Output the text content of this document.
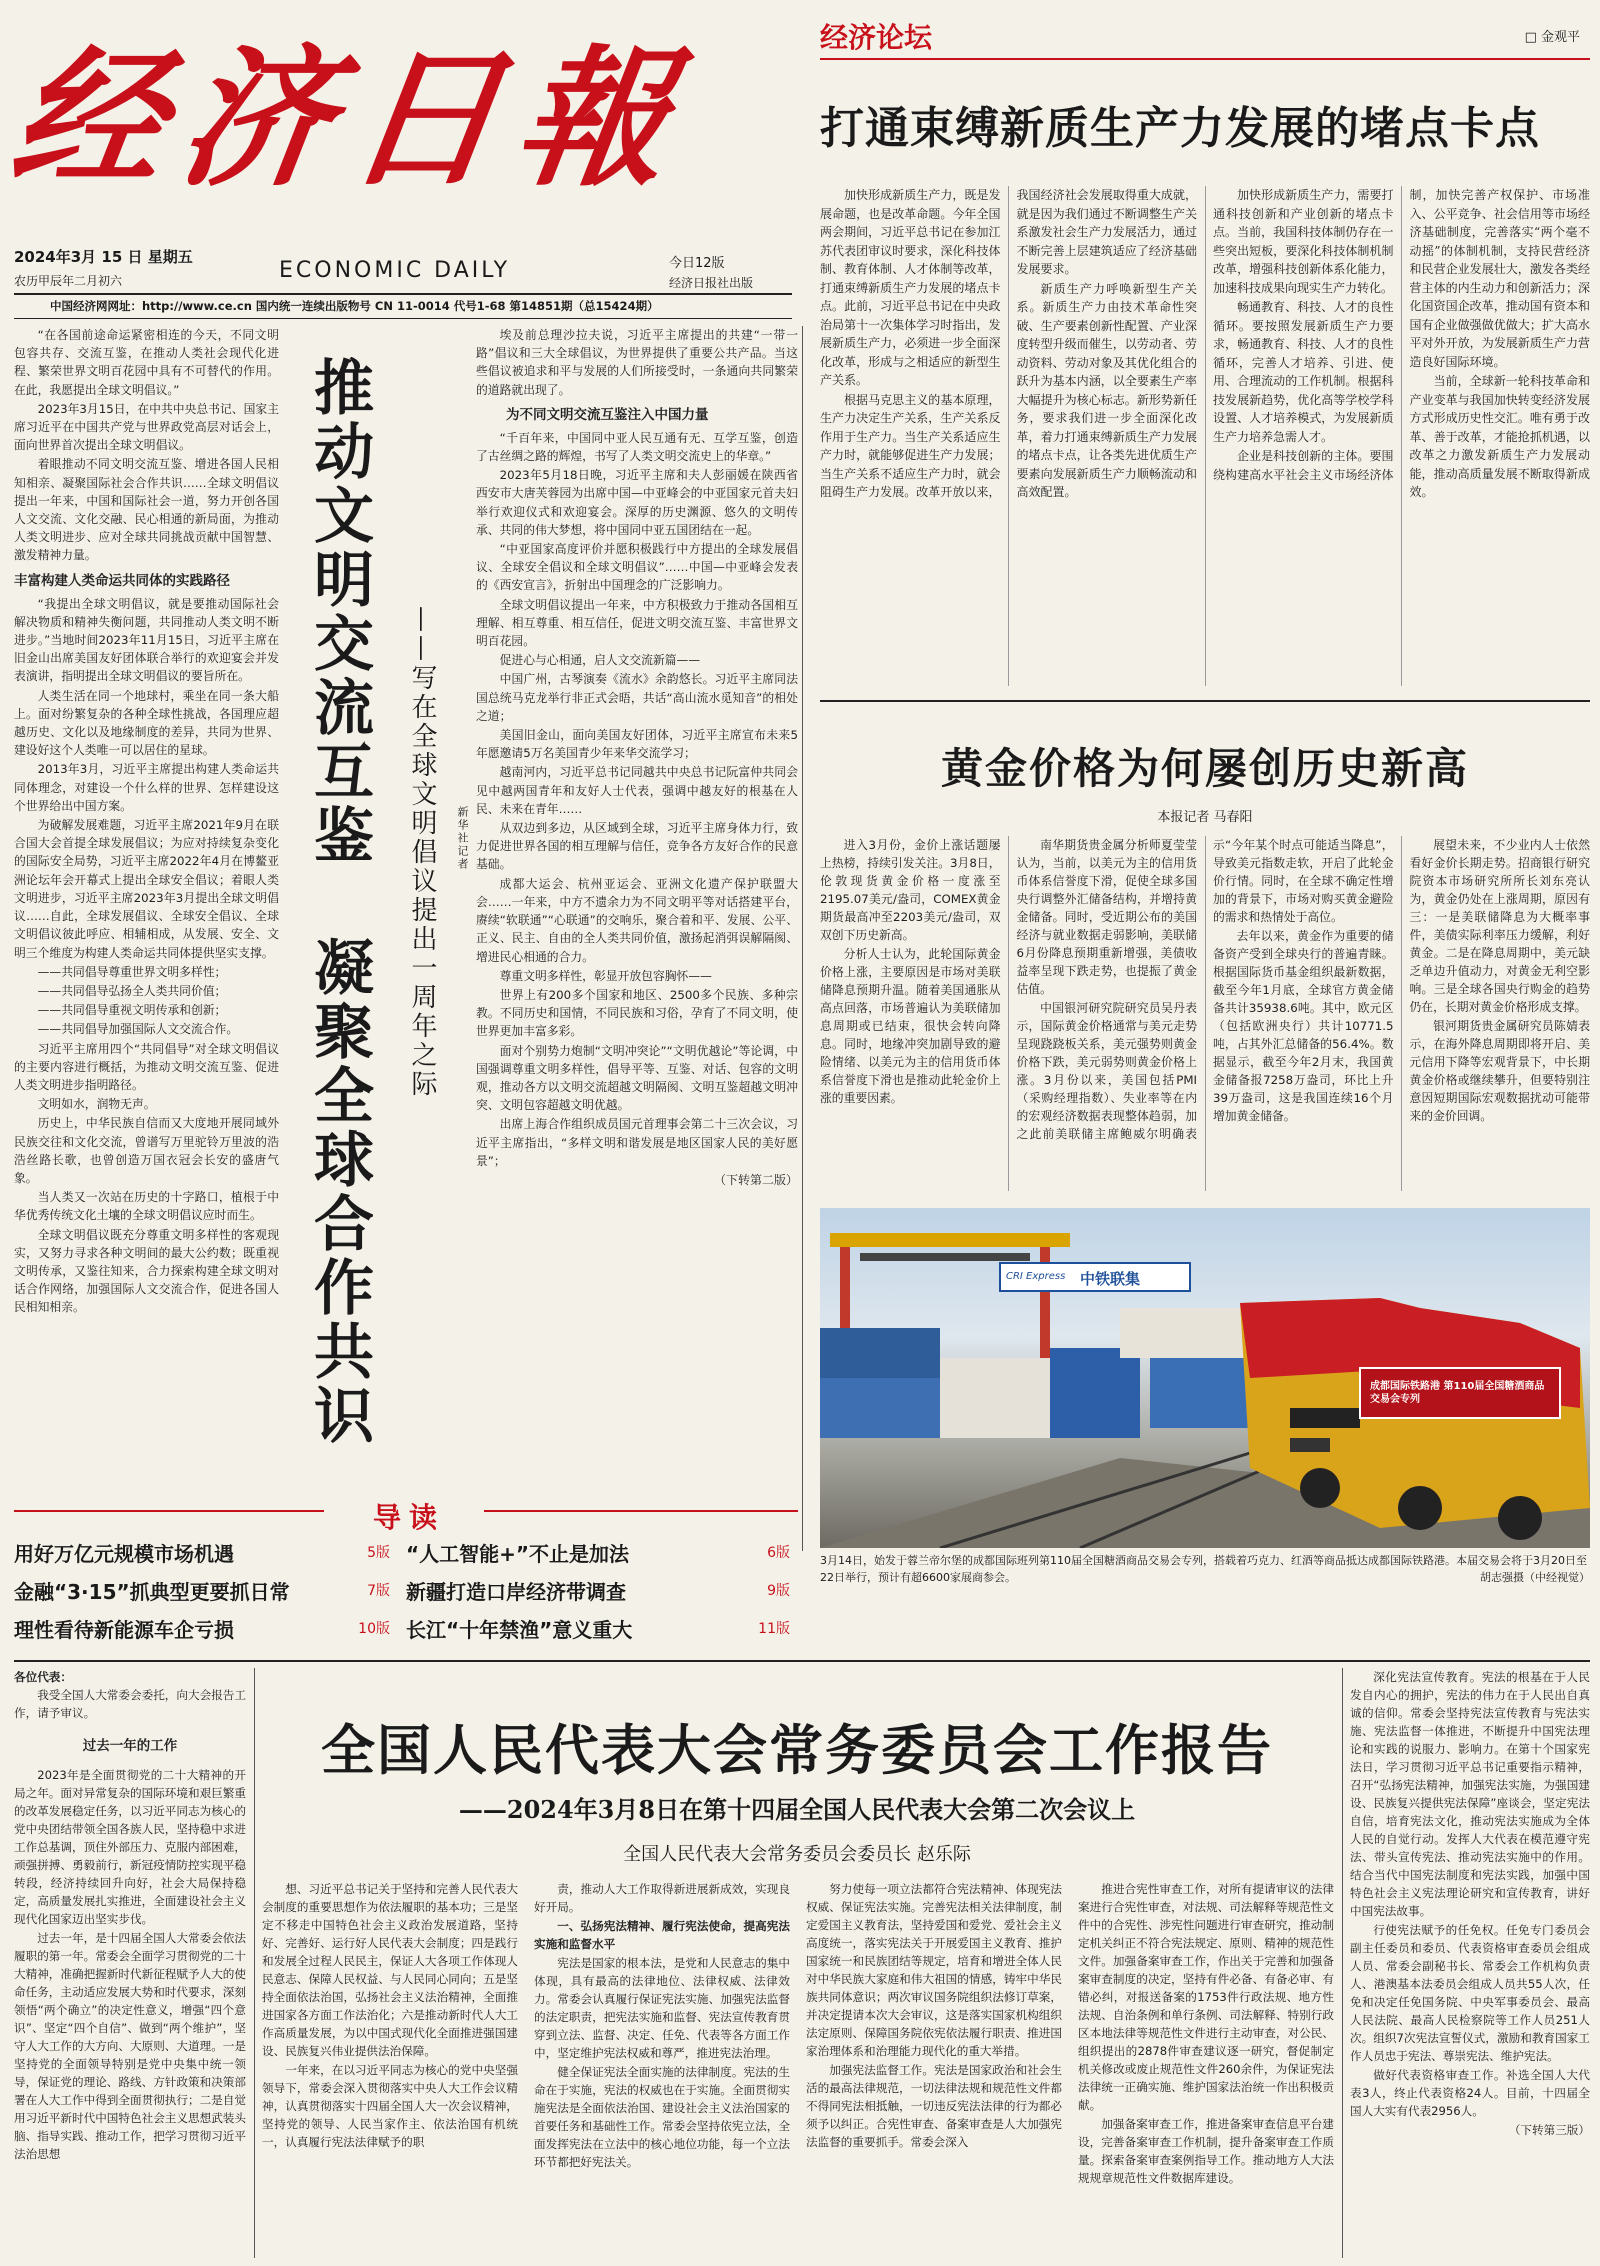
经济日報
2024年3月 15 日 星期五
农历甲辰年二月初六	ECONOMIC DAILY	今日12版
经济日报社出版
中国经济网网址：http://www.ce.cn 国内统一连续出版物号 CN 11-0014 代号1-68 第14851期（总15424期）
经济论坛	□ 金观平
打通束缚新质生产力发展的堵点卡点

加快形成新质生产力，既是发展命题，也是改革命题。今年全国两会期间，习近平总书记在参加江苏代表团审议时要求，深化科技体制、教育体制、人才体制等改革，打通束缚新质生产力发展的堵点卡点。此前，习近平总书记在中央政治局第十一次集体学习时指出，发展新质生产力，必须进一步全面深化改革，形成与之相适应的新型生产关系。

根据马克思主义的基本原理，生产力决定生产关系，生产关系反作用于生产力。当生产关系适应生产力时，就能够促进生产力发展；当生产关系不适应生产力时，就会阻碍生产力发展。改革开放以来，我国经济社会发展取得重大成就，就是因为我们通过不断调整生产关系激发社会生产力发展活力，通过不断完善上层建筑适应了经济基础发展要求。

新质生产力呼唤新型生产关系。新质生产力由技术革命性突破、生产要素创新性配置、产业深度转型升级而催生，以劳动者、劳动资料、劳动对象及其优化组合的跃升为基本内涵，以全要素生产率大幅提升为核心标志。新形势新任务，要求我们进一步全面深化改革，着力打通束缚新质生产力发展的堵点卡点，让各类先进优质生产要素向发展新质生产力顺畅流动和高效配置。

加快形成新质生产力，需要打通科技创新和产业创新的堵点卡点。当前，我国科技体制仍存在一些突出短板，要深化科技体制机制改革，增强科技创新体系化能力，加速科技成果向现实生产力转化。

畅通教育、科技、人才的良性循环。要按照发展新质生产力要求，畅通教育、科技、人才的良性循环，完善人才培养、引进、使用、合理流动的工作机制。根据科技发展新趋势，优化高等学校学科设置、人才培养模式，为发展新质生产力培养急需人才。

企业是科技创新的主体。要围绕构建高水平社会主义市场经济体制，加快完善产权保护、市场准入、公平竞争、社会信用等市场经济基础制度，完善落实“两个毫不动摇”的体制机制，支持民营经济和民营企业发展壮大，激发各类经营主体的内生动力和创新活力；深化国资国企改革，推动国有资本和国有企业做强做优做大；扩大高水平对外开放，为发展新质生产力营造良好国际环境。

当前，全球新一轮科技革命和产业变革与我国加快转变经济发展方式形成历史性交汇。唯有勇于改革、善于改革，才能抢抓机遇，以改革之力激发新质生产力发展动能，推动高质量发展不断取得新成效。

黄金价格为何屡创历史新高
本报记者 马春阳

进入3月份，金价上涨话题屡上热榜，持续引发关注。3月8日，伦敦现货黄金价格一度涨至2195.07美元/盎司，COMEX黄金期货最高冲至2203美元/盎司，双双创下历史新高。

分析人士认为，此轮国际黄金价格上涨，主要原因是市场对美联储降息预期升温。随着美国通胀从高点回落，市场普遍认为美联储加息周期或已结束，很快会转向降息。同时，地缘冲突加剧导致的避险情绪、以美元为主的信用货币体系信誉度下滑也是推动此轮金价上涨的重要因素。

南华期货贵金属分析师夏莹莹认为，当前，以美元为主的信用货币体系信誉度下滑，促使全球多国央行调整外汇储备结构，并增持黄金储备。同时，受近期公布的美国经济与就业数据走弱影响，美联储6月份降息预期重新增强，美债收益率呈现下跌走势，也提振了黄金估值。

中国银河研究院研究员吴丹表示，国际黄金价格通常与美元走势呈现跷跷板关系，美元强势则黄金价格下跌，美元弱势则黄金价格上涨。3月份以来，美国包括PMI（采购经理指数）、失业率等在内的宏观经济数据表现整体趋弱，加之此前美联储主席鲍威尔明确表示“今年某个时点可能适当降息”，导致美元指数走软，开启了此轮金价行情。同时，在全球不确定性增加的背景下，市场对购买黄金避险的需求和热情处于高位。

去年以来，黄金作为重要的储备资产受到全球央行的普遍青睐。根据国际货币基金组织最新数据，截至今年1月底，全球官方黄金储备共计35938.6吨。其中，欧元区（包括欧洲央行）共计10771.5吨，占其外汇总储备的56.4%。数据显示，截至今年2月末，我国黄金储备报7258万盎司，环比上升39万盎司，这是我国连续16个月增加黄金储备。

展望未来，不少业内人士依然看好金价长期走势。招商银行研究院资本市场研究所所长刘东亮认为，黄金仍处在上涨周期，原因有三：一是美联储降息为大概率事件，美债实际利率压力缓解，利好黄金。二是在降息周期中，美元缺乏单边升值动力，对黄金无利空影响。三是全球各国央行购金的趋势仍在，长期对黄金价格形成支撑。

银河期货贵金属研究员陈婧表示，在海外降息周期即将开启、美元信用下降等宏观背景下，中长期黄金价格或继续攀升，但要特别注意因短期国际宏观数据扰动可能带来的金价回调。

中铁联集
CRI Express
成都国际铁路港 第110届全国糖酒商品交易会专列
3月14日，始发于蓉兰帝尔堡的成都国际班列第110届全国糖酒商品交易会专列，搭载着巧克力、红酒等商品抵达成都国际铁路港。本届交易会将于3月20日至22日举行，预计有超6600家展商参会。	胡志强摄（中经视觉）

“在各国前途命运紧密相连的今天，不同文明包容共存、交流互鉴，在推动人类社会现代化进程、繁荣世界文明百花园中具有不可替代的作用。在此，我愿提出全球文明倡议。”

2023年3月15日，在中共中央总书记、国家主席习近平在中国共产党与世界政党高层对话会上，面向世界首次提出全球文明倡议。

着眼推动不同文明交流互鉴、增进各国人民相知相亲、凝聚国际社会合作共识……全球文明倡议提出一年来，中国和国际社会一道，努力开创各国人文交流、文化交融、民心相通的新局面，为推动人类文明进步、应对全球共同挑战贡献中国智慧、激发精神力量。

丰富构建人类命运共同体的实践路径

“我提出全球文明倡议，就是要推动国际社会解决物质和精神失衡问题，共同推动人类文明不断进步。”当地时间2023年11月15日，习近平主席在旧金山出席美国友好团体联合举行的欢迎宴会并发表演讲，指明提出全球文明倡议的要旨所在。

人类生活在同一个地球村，乘坐在同一条大船上。面对纷繁复杂的各种全球性挑战，各国理应超越历史、文化以及地缘制度的差异，共同为世界、建设好这个人类唯一可以居住的星球。

2013年3月，习近平主席提出构建人类命运共同体理念，对建设一个什么样的世界、怎样建设这个世界给出中国方案。

为破解发展难题，习近平主席2021年9月在联合国大会首提全球发展倡议；为应对持续复杂变化的国际安全局势，习近平主席2022年4月在博鳌亚洲论坛年会开幕式上提出全球安全倡议；着眼人类文明进步，习近平主席2023年3月提出全球文明倡议……自此，全球发展倡议、全球安全倡议、全球文明倡议彼此呼应、相辅相成，从发展、安全、文明三个维度为构建人类命运共同体提供坚实支撑。

——共同倡导尊重世界文明多样性；

——共同倡导弘扬全人类共同价值；

——共同倡导重视文明传承和创新；

——共同倡导加强国际人文交流合作。

习近平主席用四个“共同倡导”对全球文明倡议的主要内容进行概括，为推动文明交流互鉴、促进人类文明进步指明路径。

文明如水，润物无声。

历史上，中华民族自信而又大度地开展同域外民族交往和文化交流，曾谱写万里驼铃万里波的浩浩丝路长歌，也曾创造万国衣冠会长安的盛唐气象。

当人类又一次站在历史的十字路口，植根于中华优秀传统文化土壤的全球文明倡议应时而生。

全球文明倡议既充分尊重文明多样性的客观现实，又努力寻求各种文明间的最大公约数；既重视文明传承，又鉴往知来，合力探索构建全球文明对话合作网络，加强国际人文交流合作，促进各国人民相知相亲。

推动文明交流互鉴
凝聚全球合作共识
——写在全球文明倡议提出一周年之际 新华社记者

埃及前总理沙拉夫说，习近平主席提出的共建“一带一路”倡议和三大全球倡议，为世界提供了重要公共产品。当这些倡议被追求和平与发展的人们所接受时，一条通向共同繁荣的道路就出现了。

为不同文明交流互鉴注入中国力量

“千百年来，中国同中亚人民互通有无、互学互鉴，创造了古丝绸之路的辉煌，书写了人类文明交流史上的华章。”

2023年5月18日晚，习近平主席和夫人彭丽媛在陕西省西安市大唐芙蓉园为出席中国—中亚峰会的中亚国家元首夫妇举行欢迎仪式和欢迎宴会。深厚的历史渊源、悠久的文明传承、共同的伟大梦想，将中国同中亚五国团结在一起。

“中亚国家高度评价并愿积极践行中方提出的全球发展倡议、全球安全倡议和全球文明倡议”……中国—中亚峰会发表的《西安宣言》，折射出中国理念的广泛影响力。

全球文明倡议提出一年来，中方积极致力于推动各国相互理解、相互尊重、相互信任，促进文明交流互鉴、丰富世界文明百花园。

促进心与心相通，启人文交流新篇——

中国广州，古琴演奏《流水》余韵悠长。习近平主席同法国总统马克龙举行非正式会晤，共话“高山流水觅知音”的相处之道；

美国旧金山，面向美国友好团体，习近平主席宣布未来5年愿邀请5万名美国青少年来华交流学习；

越南河内，习近平总书记同越共中央总书记阮富仲共同会见中越两国青年和友好人士代表，强调中越友好的根基在人民、未来在青年……

从双边到多边，从区域到全球，习近平主席身体力行，致力促进世界各国的相互理解与信任，竞争各方友好合作的民意基础。

成都大运会、杭州亚运会、亚洲文化遗产保护联盟大会……一年来，中方不遗余力为不同文明平等对话搭建平台，赓续“软联通”“心联通”的交响乐，聚合着和平、发展、公平、正义、民主、自由的全人类共同价值，激扬起消弭误解隔阂、增进民心相通的合力。

尊重文明多样性，彰显开放包容胸怀——

世界上有200多个国家和地区、2500多个民族、多种宗教。不同历史和国情，不同民族和习俗，孕育了不同文明，使世界更加丰富多彩。

面对个别势力炮制“文明冲突论”“文明优越论”等论调，中国强调尊重文明多样性，倡导平等、互鉴、对话、包容的文明观，推动各方以文明交流超越文明隔阂、文明互鉴超越文明冲突、文明包容超越文明优越。

出席上海合作组织成员国元首理事会第二十三次会议，习近平主席指出，“多样文明和谐发展是地区国家人民的美好愿景”；

（下转第二版）
导读
用好万亿元规模市场机遇	5版 “人工智能+”不止是加法	6版
金融“3·15”抓典型更要抓日常	7版 新疆打造口岸经济带调查	9版
理性看待新能源车企亏损	10版 长江“十年禁渔”意义重大	11版
各位代表：

我受全国人大常委会委托，向大会报告工作，请予审议。

过去一年的工作

2023年是全面贯彻党的二十大精神的开局之年。面对异常复杂的国际环境和艰巨繁重的改革发展稳定任务，以习近平同志为核心的党中央团结带领全国各族人民，坚持稳中求进工作总基调，顶住外部压力、克服内部困难，顽强拼搏、勇毅前行，新冠疫情防控实现平稳转段，经济持续回升向好，社会大局保持稳定，高质量发展扎实推进，全面建设社会主义现代化国家迈出坚实步伐。

过去一年，是十四届全国人大常委会依法履职的第一年。常委会全面学习贯彻党的二十大精神，准确把握新时代新征程赋予人大的使命任务，主动适应发展大势和时代要求，深刻领悟“两个确立”的决定性意义，增强“四个意识”、坚定“四个自信”、做到“两个维护”，坚守人大工作的大方向、大原则、大道理。一是坚持党的全面领导特别是党中央集中统一领导，保证党的理论、路线、方针政策和决策部署在人大工作中得到全面贯彻执行；二是自觉用习近平新时代中国特色社会主义思想武装头脑、指导实践、推动工作，把学习贯彻习近平法治思想

全国人民代表大会常务委员会工作报告
——2024年3月8日在第十四届全国人民代表大会第二次会议上
全国人民代表大会常务委员会委员长 赵乐际

想、习近平总书记关于坚持和完善人民代表大会制度的重要思想作为依法履职的基本功；三是坚定不移走中国特色社会主义政治发展道路，坚持好、完善好、运行好人民代表大会制度；四是践行和发展全过程人民民主，保证人大各项工作体现人民意志、保障人民权益、与人民同心同向；五是坚持全面依法治国，弘扬社会主义法治精神，全面推进国家各方面工作法治化；六是推动新时代人大工作高质量发展，为以中国式现代化全面推进强国建设、民族复兴伟业提供法治保障。

一年来，在以习近平同志为核心的党中央坚强领导下，常委会深入贯彻落实中央人大工作会议精神，认真贯彻落实十四届全国人大一次会议精神，坚持党的领导、人民当家作主、依法治国有机统一，认真履行宪法法律赋予的职

责，推动人大工作取得新进展新成效，实现良好开局。

一、弘扬宪法精神、履行宪法使命，提高宪法实施和监督水平

宪法是国家的根本法，是党和人民意志的集中体现，具有最高的法律地位、法律权威、法律效力。常委会认真履行保证宪法实施、加强宪法监督的法定职责，把宪法实施和监督、宪法宣传教育贯穿到立法、监督、决定、任免、代表等各方面工作中，坚定维护宪法权威和尊严，推进宪法治理。

健全保证宪法全面实施的法律制度。宪法的生命在于实施，宪法的权威也在于实施。全面贯彻实施宪法是全面依法治国、建设社会主义法治国家的首要任务和基础性工作。常委会坚持依宪立法，全面发挥宪法在立法中的核心地位功能，每一个立法环节都把好宪法关。

努力使每一项立法都符合宪法精神、体现宪法权威、保证宪法实施。完善宪法相关法律制度，制定爱国主义教育法，坚持爱国和爱党、爱社会主义高度统一，落实宪法关于开展爱国主义教育、推护国家统一和民族团结等规定，培育和增进全体人民对中华民族大家庭和伟大祖国的情感，铸牢中华民族共同体意识；两次审议国务院组织法修订草案，并决定提请本次大会审议，这是落实国家机构组织法定原则、保障国务院依宪依法履行职责、推进国家治理体系和治理能力现代化的重大举措。

加强宪法监督工作。宪法是国家政治和社会生活的最高法律规范，一切法律法规和规范性文件都不得同宪法相抵触，一切违反宪法法律的行为都必须予以纠正。合宪性审查、备案审查是人大加强宪法监督的重要抓手。常委会深入

推进合宪性审查工作，对所有提请审议的法律案进行合宪性审查，对法规、司法解释等规范性文件中的合宪性、涉宪性问题进行审查研究，推动制定机关纠正不符合宪法规定、原则、精神的规范性文件。加强备案审查工作，作出关于完善和加强备案审查制度的决定，坚持有件必备、有备必审、有错必纠，对报送备案的1753件行政法规、地方性法规、自治条例和单行条例、司法解释、特别行政区本地法律等规范性文件进行主动审查，对公民、组织提出的2878件审查建议逐一研究，督促制定机关修改或废止规范性文件260余件，为保证宪法法律统一正确实施、维护国家法治统一作出积极贡献。

加强备案审查工作，推进备案审查信息平台建设，完善备案审查工作机制，提升备案审查工作质量。探索备案审查案例指导工作。推动地方人大法规规章规范性文件数据库建设。

深化宪法宣传教育。宪法的根基在于人民发自内心的拥护，宪法的伟力在于人民出自真诚的信仰。常委会坚持宪法宣传教育与宪法实施、宪法监督一体推进，不断提升中国宪法理论和实践的说服力、影响力。在第十个国家宪法日，学习贯彻习近平总书记重要指示精神，召开“弘扬宪法精神，加强宪法实施，为强国建设、民族复兴提供宪法保障”座谈会，坚定宪法自信，培育宪法文化，推动宪法实施成为全体人民的自觉行动。发挥人大代表在模范遵守宪法、带头宣传宪法、推动宪法实施中的作用。结合当代中国宪法制度和宪法实践，加强中国特色社会主义宪法理论研究和宣传教育，讲好中国宪法故事。

行使宪法赋予的任免权。任免专门委员会副主任委员和委员、代表资格审查委员会组成人员、常委会副秘书长、常委会工作机构负责人、港澳基本法委员会组成人员共55人次，任免和决定任免国务院、中央军事委员会、最高人民法院、最高人民检察院等工作人员251人次。组织7次宪法宣誓仪式，激励和教育国家工作人员忠于宪法、尊崇宪法、维护宪法。

做好代表资格审查工作。补选全国人大代表3人，终止代表资格24人。目前，十四届全国人大实有代表2956人。

（下转第三版）
